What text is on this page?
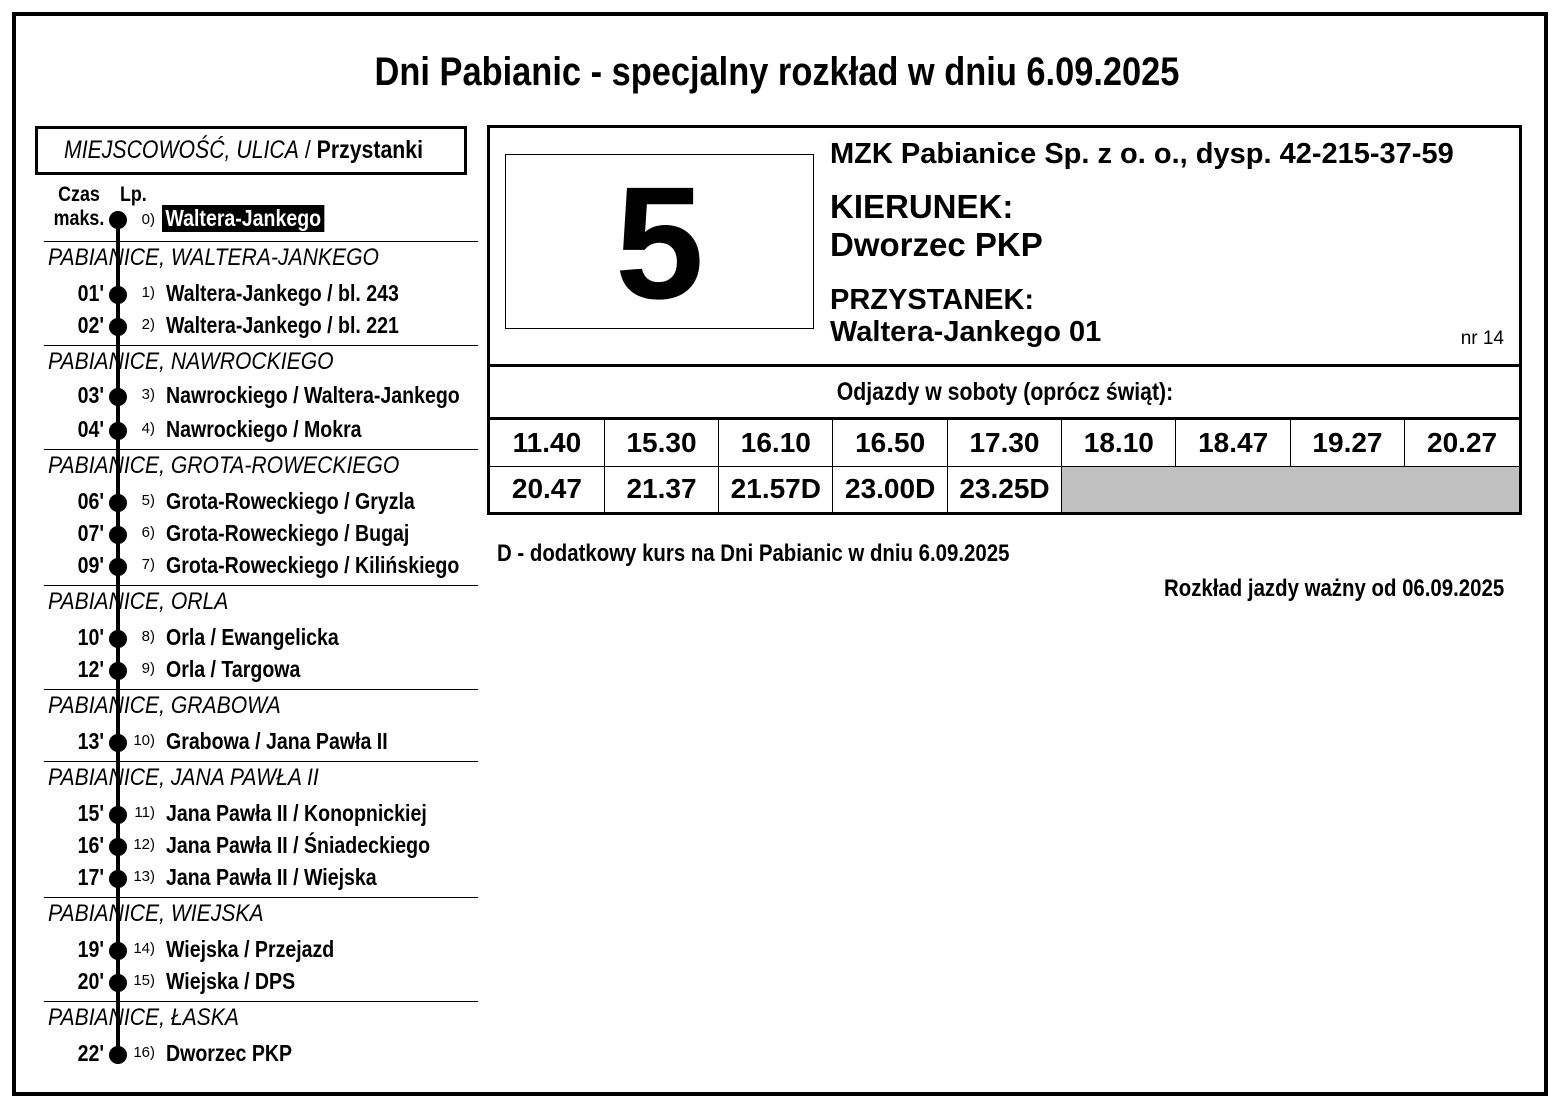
Dni Pabianic - specjalny rozkład w dniu 6.09.2025
MIEJSCOWOŚĆ, ULICA / Przystanki
Czas
maks.
Lp.
0) Waltera-Jankego
PABIANICE, WALTERA-JANKEGO
01'	1) Waltera-Jankego / bl. 243
02'	2) Waltera-Jankego / bl. 221
PABIANICE, NAWROCKIEGO
03'	3) Nawrockiego / Waltera-Jankego
04'	4) Nawrockiego / Mokra
PABIANICE, GROTA-ROWECKIEGO
06'	5) Grota-Roweckiego / Gryzla
07'	6) Grota-Roweckiego / Bugaj
09'	7) Grota-Roweckiego / Kilińskiego
PABIANICE, ORLA
10'	8) Orla / Ewangelicka
12'	9) Orla / Targowa
PABIANICE, GRABOWA
13' 10) Grabowa / Jana Pawła II
PABIANICE, JANA PAWŁA II
15' 11) Jana Pawła II / Konopnickiej
16' 12) Jana Pawła II / Śniadeckiego
17' 13) Jana Pawła II / Wiejska
PABIANICE, WIEJSKA
19' 14) Wiejska / Przejazd
20' 15) Wiejska / DPS
PABIANICE, ŁASKA
22' 16) Dworzec PKP
5	MZK Pabianice Sp. z o. o., dysp. 42-215-37-59
KIERUNEK:
Dworzec PKP
PRZYSTANEK:
Waltera-Jankego 01	nr 14
Odjazdy w soboty (oprócz świąt):
11.40	15.30	16.10	16.50	17.30	18.10	18.47	19.27	20.27
20.47	21.37	21.57D	23.00D	23.25D				
D - dodatkowy kurs na Dni Pabianic w dniu 6.09.2025
Rozkład jazdy ważny od 06.09.2025
